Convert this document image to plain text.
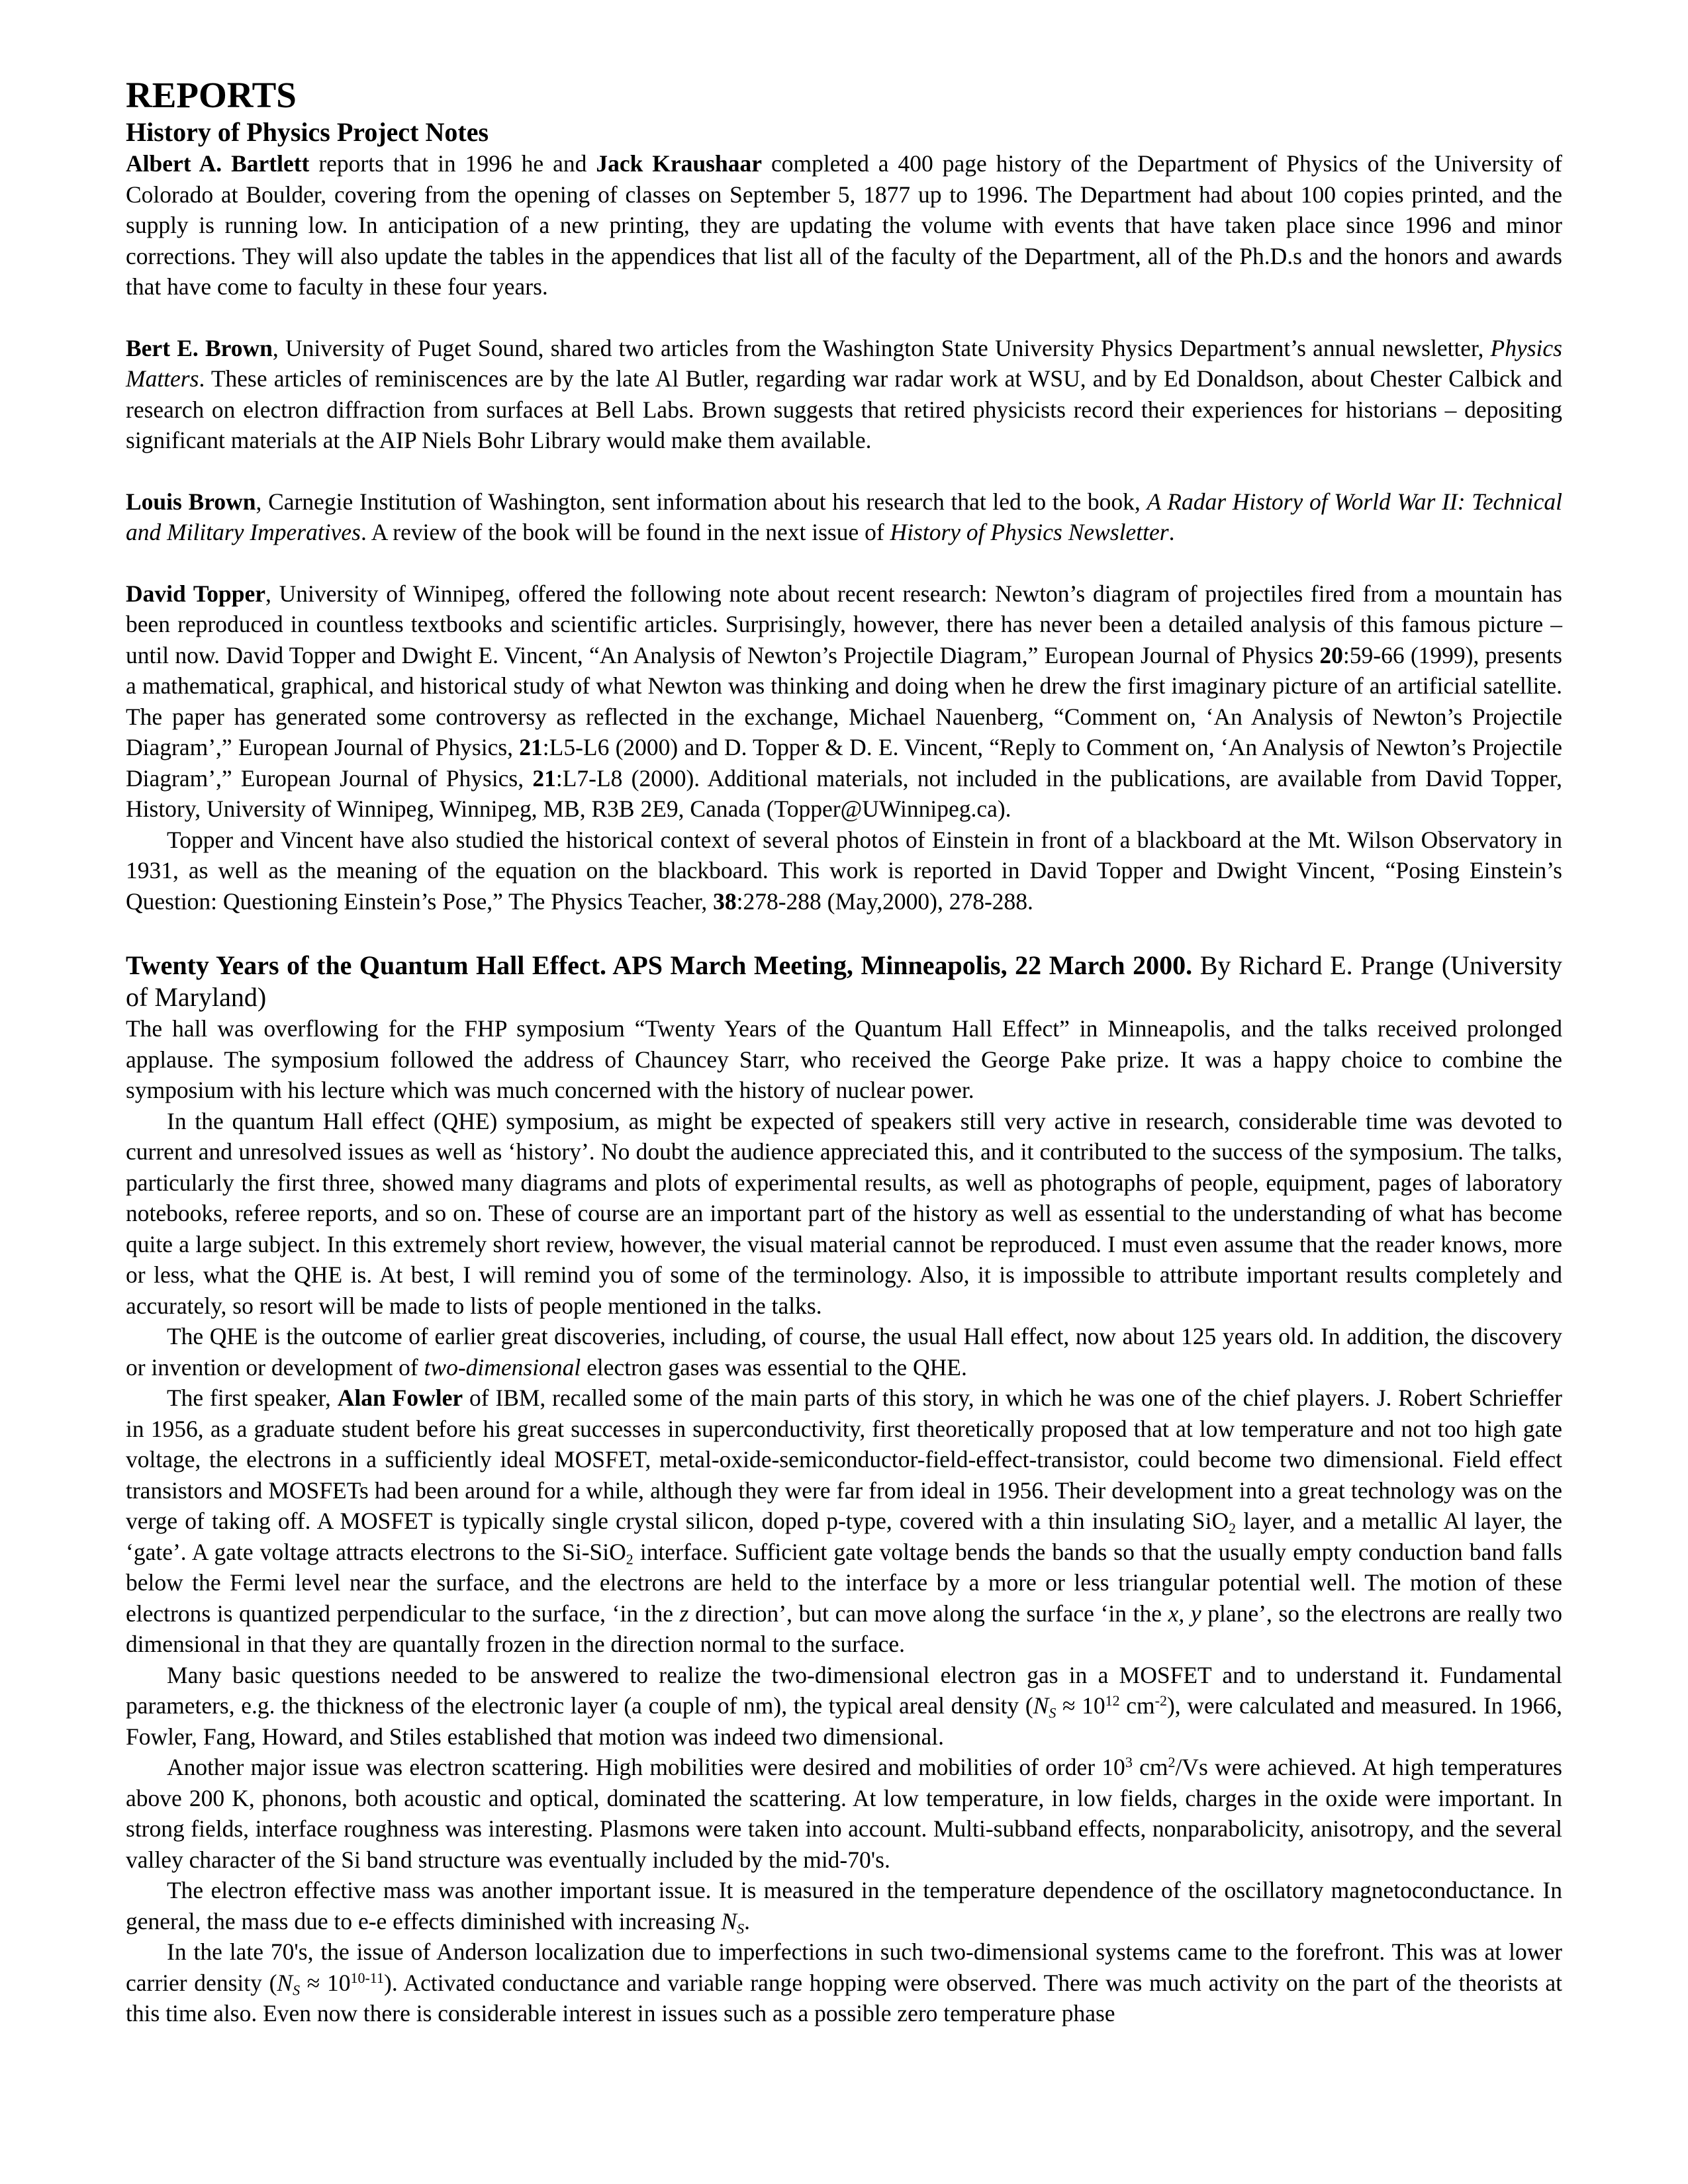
REPORTS
History of Physics Project Notes

Albert A. Bartlett reports that in 1996 he and Jack Kraushaar completed a 400 page history of the Department of Physics of the University of Colorado at Boulder, covering from the opening of classes on September 5, 1877 up to 1996. The Department had about 100 copies printed, and the supply is running low. In anticipation of a new printing, they are updating the volume with events that have taken place since 1996 and minor corrections. They will also update the tables in the appendices that list all of the faculty of the Department, all of the Ph.D.s and the honors and awards that have come to faculty in these four years.

Bert E. Brown, University of Puget Sound, shared two articles from the Washington State University Physics Department’s annual newsletter, Physics Matters. These articles of reminiscences are by the late Al Butler, regarding war radar work at WSU, and by Ed Donaldson, about Chester Calbick and research on electron diffraction from surfaces at Bell Labs. Brown suggests that retired physicists record their experiences for historians – depositing significant materials at the AIP Niels Bohr Library would make them available.

Louis Brown, Carnegie Institution of Washington, sent information about his research that led to the book, A Radar History of World War II: Technical and Military Imperatives. A review of the book will be found in the next issue of History of Physics Newsletter.

David Topper, University of Winnipeg, offered the following note about recent research: Newton’s diagram of projectiles fired from a mountain has been reproduced in countless textbooks and scientific articles. Surprisingly, however, there has never been a detailed analysis of this famous picture – until now. David Topper and Dwight E. Vincent, “An Analysis of Newton’s Projectile Diagram,” European Journal of Physics 20:59-66 (1999), presents a mathematical, graphical, and historical study of what Newton was thinking and doing when he drew the first imaginary picture of an artificial satellite. The paper has generated some controversy as reflected in the exchange, Michael Nauenberg, “Comment on, ‘An Analysis of Newton’s Projectile Diagram’,” European Journal of Physics, 21:L5-L6 (2000) and D. Topper & D. E. Vincent, “Reply to Comment on, ‘An Analysis of Newton’s Projectile Diagram’,” European Journal of Physics, 21:L7-L8 (2000). Additional materials, not included in the publications, are available from David Topper, History, University of Winnipeg, Winnipeg, MB, R3B 2E9, Canada (Topper@UWinnipeg.ca).

Topper and Vincent have also studied the historical context of several photos of Einstein in front of a blackboard at the Mt. Wilson Observatory in 1931, as well as the meaning of the equation on the blackboard. This work is reported in David Topper and Dwight Vincent, “Posing Einstein’s Question: Questioning Einstein’s Pose,” The Physics Teacher, 38:278-288 (May,2000), 278-288.

Twenty Years of the Quantum Hall Effect. APS March Meeting, Minneapolis, 22 March 2000. By Richard E. Prange (University of Maryland)

The hall was overflowing for the FHP symposium “Twenty Years of the Quantum Hall Effect” in Minneapolis, and the talks received prolonged applause. The symposium followed the address of Chauncey Starr, who received the George Pake prize. It was a happy choice to combine the symposium with his lecture which was much concerned with the history of nuclear power.

In the quantum Hall effect (QHE) symposium, as might be expected of speakers still very active in research, considerable time was devoted to current and unresolved issues as well as ‘history’. No doubt the audience appreciated this, and it contributed to the success of the symposium. The talks, particularly the first three, showed many diagrams and plots of experimental results, as well as photographs of people, equipment, pages of laboratory notebooks, referee reports, and so on. These of course are an important part of the history as well as essential to the understanding of what has become quite a large subject. In this extremely short review, however, the visual material cannot be reproduced. I must even assume that the reader knows, more or less, what the QHE is. At best, I will remind you of some of the terminology. Also, it is impossible to attribute important results completely and accurately, so resort will be made to lists of people mentioned in the talks.

The QHE is the outcome of earlier great discoveries, including, of course, the usual Hall effect, now about 125 years old. In addition, the discovery or invention or development of two-dimensional electron gases was essential to the QHE.

The first speaker, Alan Fowler of IBM, recalled some of the main parts of this story, in which he was one of the chief players. J. Robert Schrieffer in 1956, as a graduate student before his great successes in superconductivity, first theoretically proposed that at low temperature and not too high gate voltage, the electrons in a sufficiently ideal MOSFET, metal-oxide-semiconductor-field-effect-transistor, could become two dimensional. Field effect transistors and MOSFETs had been around for a while, although they were far from ideal in 1956. Their development into a great technology was on the verge of taking off. A MOSFET is typically single crystal silicon, doped p-type, covered with a thin insulating SiO$_2$ layer, and a metallic Al layer, the ‘gate’. A gate voltage attracts electrons to the Si-SiO$_2$ interface. Sufficient gate voltage bends the bands so that the usually empty conduction band falls below the Fermi level near the surface, and the electrons are held to the interface by a more or less triangular potential well. The motion of these electrons is quantized perpendicular to the surface, ‘in the z direction’, but can move along the surface ‘in the x, y plane’, so the electrons are really two dimensional in that they are quantally frozen in the direction normal to the surface.

Many basic questions needed to be answered to realize the two-dimensional electron gas in a MOSFET and to understand it. Fundamental parameters, e.g. the thickness of the electronic layer (a couple of nm), the typical areal density ($N_S \approx 10^{12}$ $cm^{-2}$), were calculated and measured. In 1966, Fowler, Fang, Howard, and Stiles established that motion was indeed two dimensional.

Another major issue was electron scattering. High mobilities were desired and mobilities of order $10^3$ $cm^2/Vs$ were achieved. At high temperatures above 200 K, phonons, both acoustic and optical, dominated the scattering. At low temperature, in low fields, charges in the oxide were important. In strong fields, interface roughness was interesting. Plasmons were taken into account. Multi-subband effects, nonparabolicity, anisotropy, and the several valley character of the Si band structure was eventually included by the mid-70's.

The electron effective mass was another important issue. It is measured in the temperature dependence of the oscillatory magnetoconductance. In general, the mass due to e-e effects diminished with increasing $N_S$.

In the late 70's, the issue of Anderson localization due to imperfections in such two-dimensional systems came to the forefront. This was at lower carrier density $(N_S \approx 10^{10-11})$. Activated conductance and variable range hopping were observed. There was much activity on the part of the theorists at this time also. Even now there is considerable interest in issues such as a possible zero temperature phase
